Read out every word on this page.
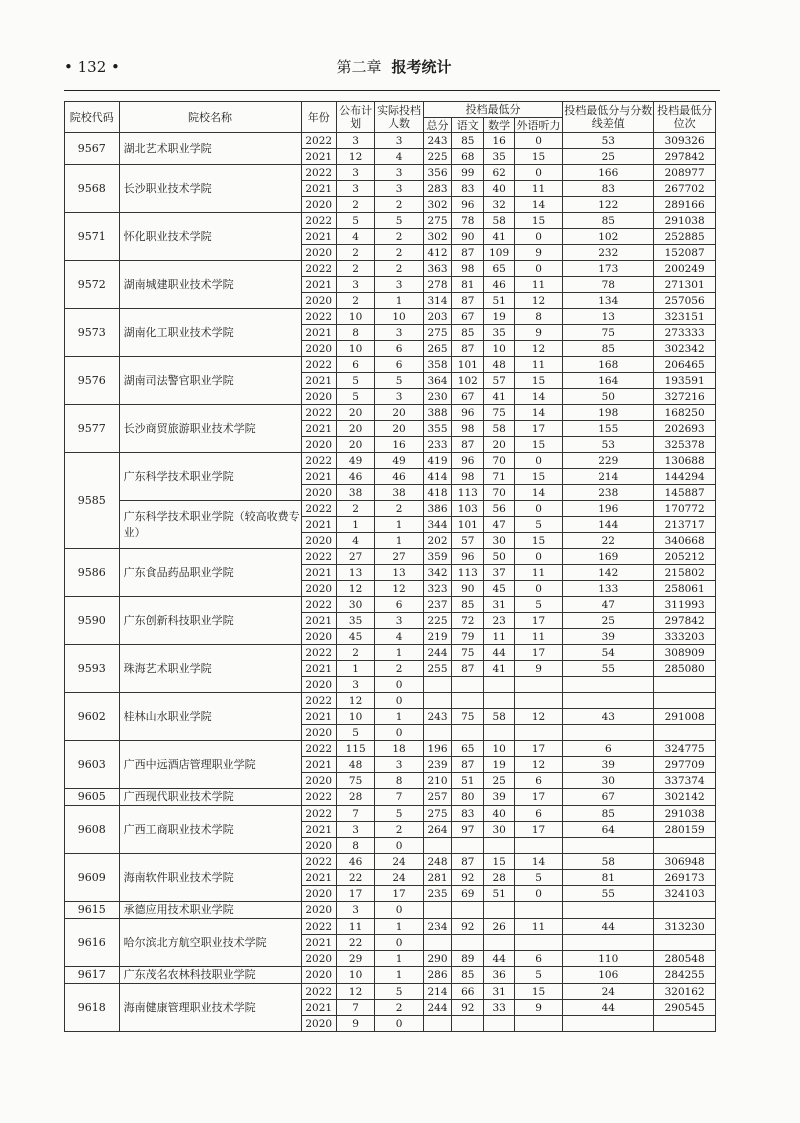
• 132 •	第二章 报考统计
院校代码	院校名称	年份	公布计划	实际投档人数	投档最低分				投档最低分与分数线差值	投档最低分位次
					总分	语文	数学	外语听力		
9567	湖北艺术职业学院	2022	3	3	243	85	16	0	53	309326
		2021	12	4	225	68	35	15	25	297842
9568	长沙职业技术学院	2022	3	3	356	99	62	0	166	208977
		2021	3	3	283	83	40	11	83	267702
		2020	2	2	302	96	32	14	122	289166
9571	怀化职业技术学院	2022	5	5	275	78	58	15	85	291038
		2021	4	2	302	90	41	0	102	252885
		2020	2	2	412	87	109	9	232	152087
9572	湖南城建职业技术学院	2022	2	2	363	98	65	0	173	200249
		2021	3	3	278	81	46	11	78	271301
		2020	2	1	314	87	51	12	134	257056
9573	湖南化工职业技术学院	2022	10	10	203	67	19	8	13	323151
		2021	8	3	275	85	35	9	75	273333
		2020	10	6	265	87	10	12	85	302342
9576	湖南司法警官职业学院	2022	6	6	358	101	48	11	168	206465
		2021	5	5	364	102	57	15	164	193591
		2020	5	3	230	67	41	14	50	327216
9577	长沙商贸旅游职业技术学院	2022	20	20	388	96	75	14	198	168250
		2021	20	20	355	98	58	17	155	202693
		2020	20	16	233	87	20	15	53	325378
9585	广东科学技术职业学院	2022	49	49	419	96	70	0	229	130688
		2021	46	46	414	98	71	15	214	144294
		2020	38	38	418	113	70	14	238	145887
	广东科学技术职业学院（较高收费专业）	2022	2	2	386	103	56	0	196	170772
		2021	1	1	344	101	47	5	144	213717
		2020	4	1	202	57	30	15	22	340668
9586	广东食品药品职业学院	2022	27	27	359	96	50	0	169	205212
		2021	13	13	342	113	37	11	142	215802
		2020	12	12	323	90	45	0	133	258061
9590	广东创新科技职业学院	2022	30	6	237	85	31	5	47	311993
		2021	35	3	225	72	23	17	25	297842
		2020	45	4	219	79	11	11	39	333203
9593	珠海艺术职业学院	2022	2	1	244	75	44	17	54	308909
		2021	1	2	255	87	41	9	55	285080
		2020	3	0						
9602	桂林山水职业学院	2022	12	0						
		2021	10	1	243	75	58	12	43	291008
		2020	5	0						
9603	广西中远酒店管理职业学院	2022	115	18	196	65	10	17	6	324775
		2021	48	3	239	87	19	12	39	297709
		2020	75	8	210	51	25	6	30	337374
9605	广西现代职业技术学院	2022	28	7	257	80	39	17	67	302142
9608	广西工商职业技术学院	2022	7	5	275	83	40	6	85	291038
		2021	3	2	264	97	30	17	64	280159
		2020	8	0						
9609	海南软件职业技术学院	2022	46	24	248	87	15	14	58	306948
		2021	22	24	281	92	28	5	81	269173
		2020	17	17	235	69	51	0	55	324103
9615	承德应用技术职业学院	2020	3	0						
9616	哈尔滨北方航空职业技术学院	2022	11	1	234	92	26	11	44	313230
		2021	22	0						
		2020	29	1	290	89	44	6	110	280548
9617	广东茂名农林科技职业学院	2020	10	1	286	85	36	5	106	284255
9618	海南健康管理职业技术学院	2022	12	5	214	66	31	15	24	320162
		2021	7	2	244	92	33	9	44	290545
		2020	9	0						
